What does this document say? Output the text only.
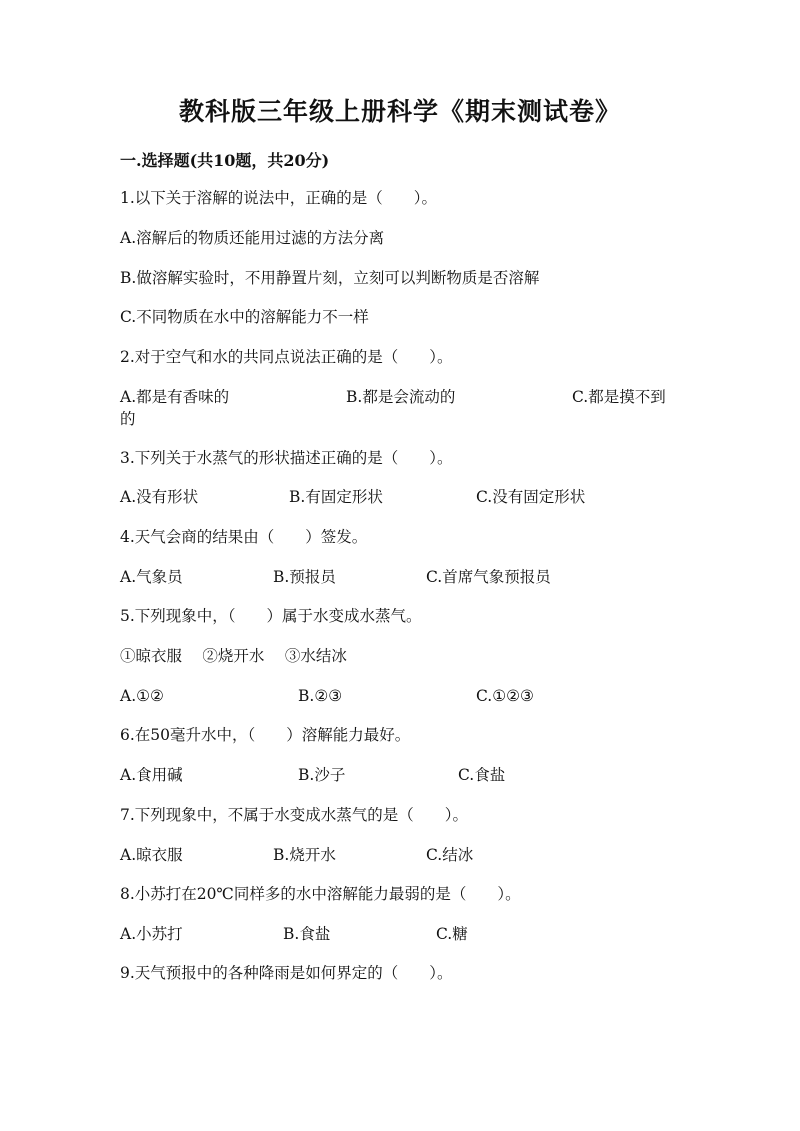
教科版三年级上册科学《期末测试卷》
一.选择题(共10题，共20分)
1.以下关于溶解的说法中，正确的是（　　）。
A.溶解后的物质还能用过滤的方法分离
B.做溶解实验时，不用静置片刻，立刻可以判断物质是否溶解
C.不同物质在水中的溶解能力不一样
2.对于空气和水的共同点说法正确的是（　　）。
A.都是有香味的	B.都是会流动的	C.都是摸不到
的
3.下列关于水蒸气的形状描述正确的是（　　）。
A.没有形状	B.有固定形状	C.没有固定形状
4.天气会商的结果由（　　）签发。
A.气象员	B.预报员	C.首席气象预报员
5.下列现象中，（　　）属于水变成水蒸气。
①晾衣服　 ②烧开水　 ③水结冰
A.①②	B.②③	C.①②③
6.在50毫升水中，（　　）溶解能力最好。
A.食用碱	B.沙子	C.食盐
7.下列现象中，不属于水变成水蒸气的是（　　）。
A.晾衣服	B.烧开水	C.结冰
8.小苏打在20℃同样多的水中溶解能力最弱的是（　　）。
A.小苏打	B.食盐	C.糖
9.天气预报中的各种降雨是如何界定的（　　）。
